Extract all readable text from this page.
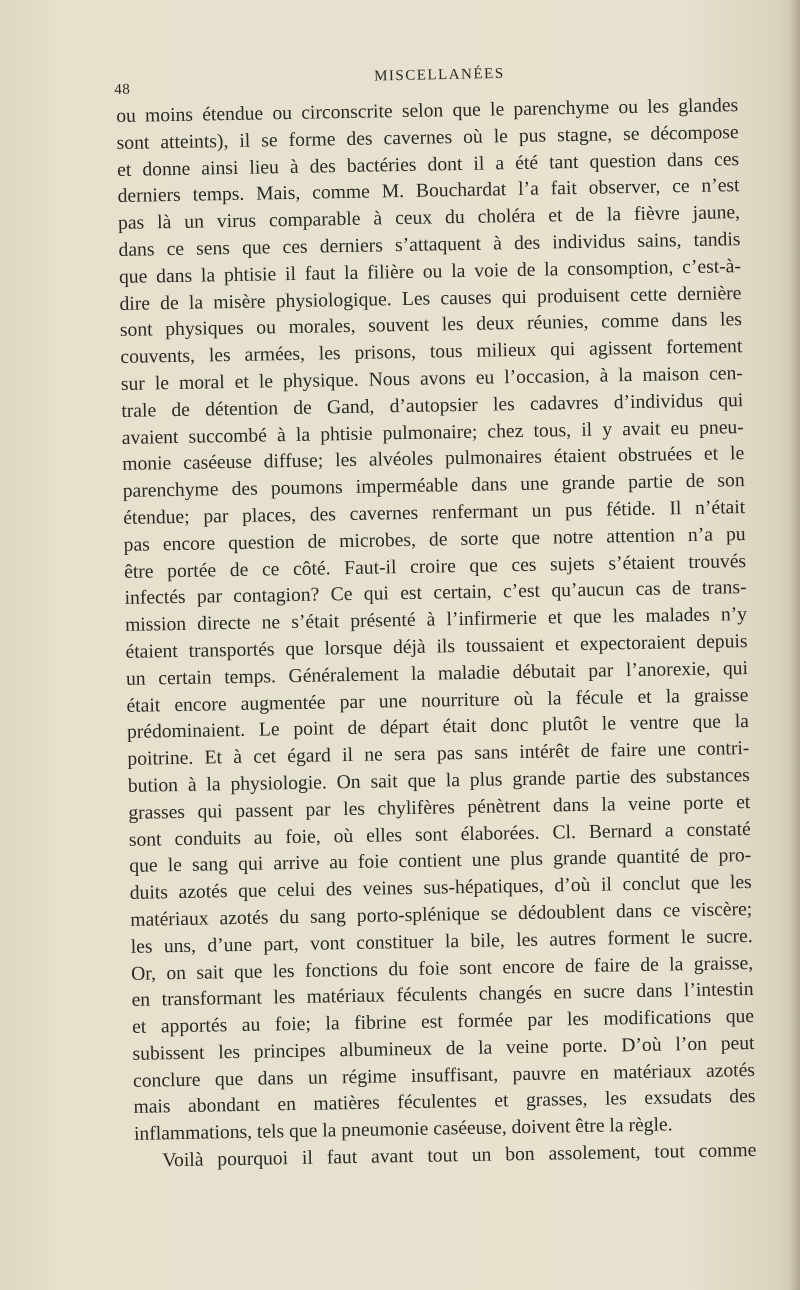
48
MISCELLANÉES
ou moins étendue ou circonscrite selon que le parenchyme ou les glandes
sont atteints), il se forme des cavernes où le pus stagne, se décompose
et donne ainsi lieu à des bactéries dont il a été tant question dans ces
derniers temps. Mais, comme M. Bouchardat l’a fait observer, ce n’est
pas là un virus comparable à ceux du choléra et de la fièvre jaune,
dans ce sens que ces derniers s’attaquent à des individus sains, tandis
que dans la phtisie il faut la filière ou la voie de la consomption, c’est-à-
dire de la misère physiologique. Les causes qui produisent cette dernière
sont physiques ou morales, souvent les deux réunies, comme dans les
couvents, les armées, les prisons, tous milieux qui agissent fortement
sur le moral et le physique. Nous avons eu l’occasion, à la maison cen-
trale de détention de Gand, d’autopsier les cadavres d’individus qui
avaient succombé à la phtisie pulmonaire; chez tous, il y avait eu pneu-
monie caséeuse diffuse; les alvéoles pulmonaires étaient obstruées et le
parenchyme des poumons imperméable dans une grande partie de son
étendue; par places, des cavernes renfermant un pus fétide. Il n’était
pas encore question de microbes, de sorte que notre attention n’a pu
être portée de ce côté. Faut-il croire que ces sujets s’étaient trouvés
infectés par contagion? Ce qui est certain, c’est qu’aucun cas de trans-
mission directe ne s’était présenté à l’infirmerie et que les malades n’y
étaient transportés que lorsque déjà ils toussaient et expectoraient depuis
un certain temps. Généralement la maladie débutait par l’anorexie, qui
était encore augmentée par une nourriture où la fécule et la graisse
prédominaient. Le point de départ était donc plutôt le ventre que la
poitrine. Et à cet égard il ne sera pas sans intérêt de faire une contri-
bution à la physiologie. On sait que la plus grande partie des substances
grasses qui passent par les chylifères pénètrent dans la veine porte et
sont conduits au foie, où elles sont élaborées. Cl. Bernard a constaté
que le sang qui arrive au foie contient une plus grande quantité de pro-
duits azotés que celui des veines sus-hépatiques, d’où il conclut que les
matériaux azotés du sang porto-splénique se dédoublent dans ce viscère;
les uns, d’une part, vont constituer la bile, les autres forment le sucre.
Or, on sait que les fonctions du foie sont encore de faire de la graisse,
en transformant les matériaux féculents changés en sucre dans l’intestin
et apportés au foie; la fibrine est formée par les modifications que
subissent les principes albumineux de la veine porte. D’où l’on peut
conclure que dans un régime insuffisant, pauvre en matériaux azotés
mais abondant en matières féculentes et grasses, les exsudats des
inflammations, tels que la pneumonie caséeuse, doivent être la règle.
Voilà pourquoi il faut avant tout un bon assolement, tout comme
